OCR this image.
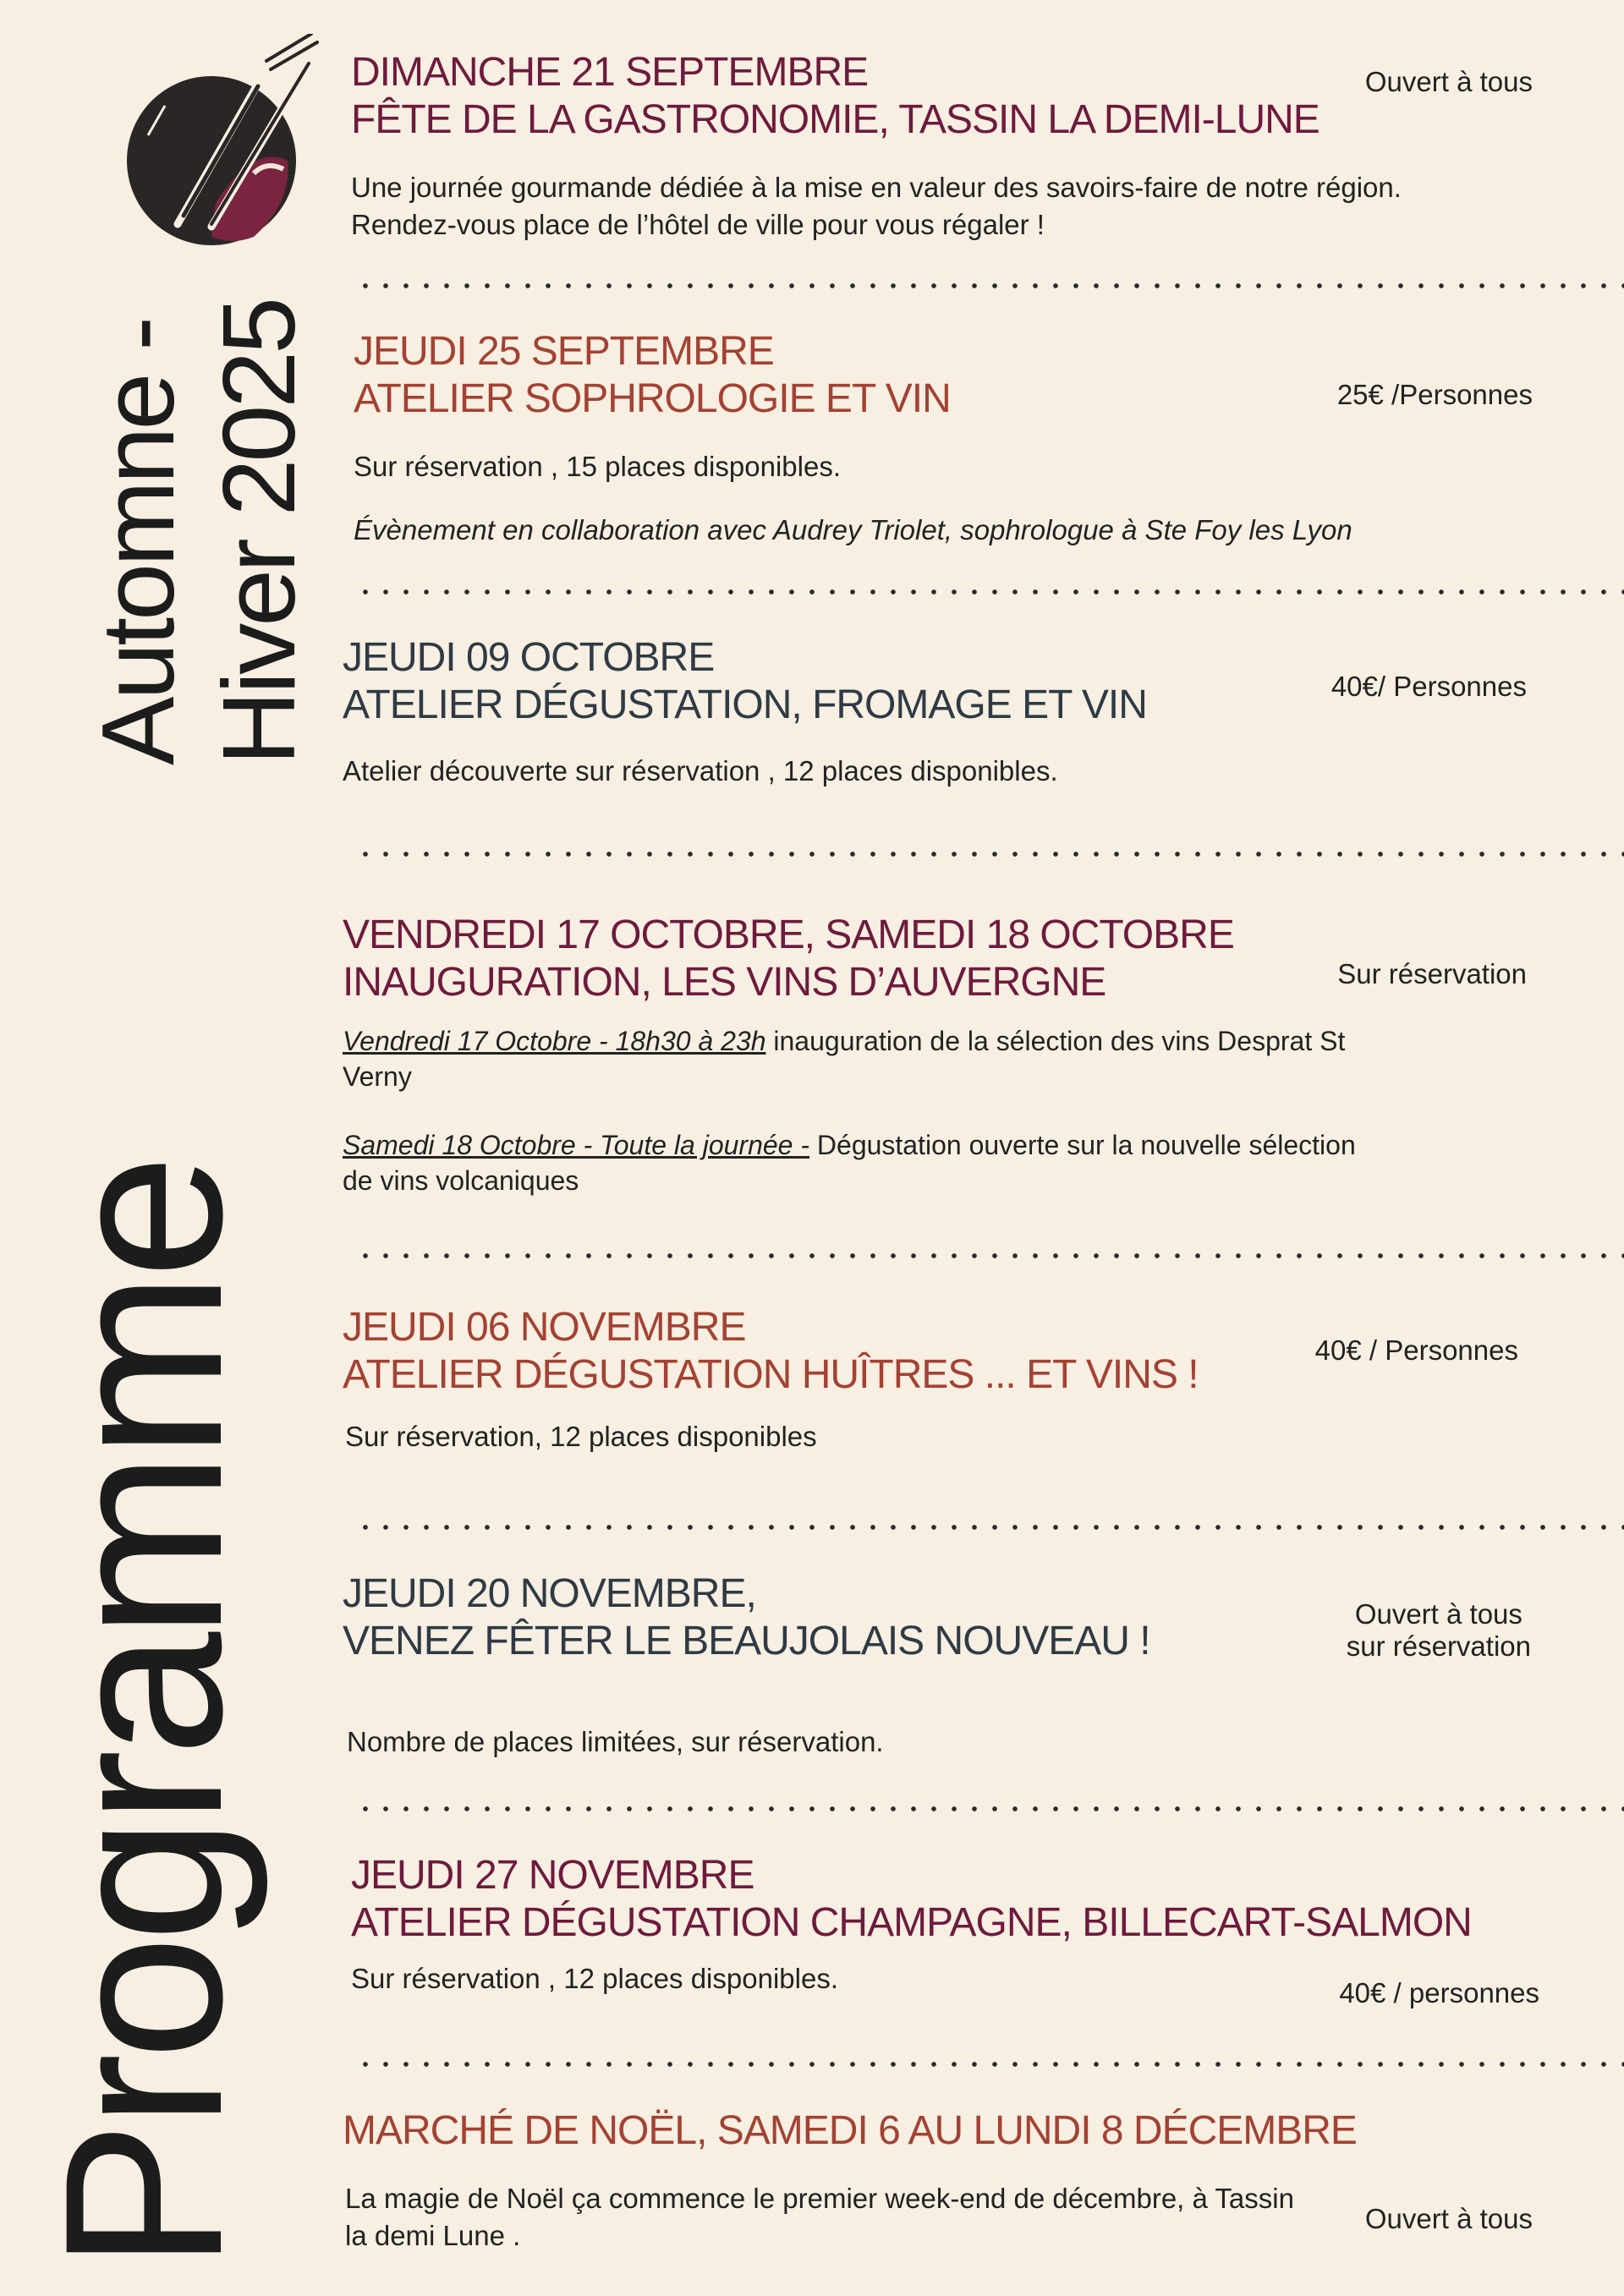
Programme
Automne - Hiver 2025
DIMANCHE 21 SEPTEMBRE
FÊTE DE LA GASTRONOMIE, TASSIN LA DEMI-LUNE
Ouvert à tous
Une journée gourmande dédiée à la mise en valeur des savoirs-faire de notre région. Rendez-vous place de l’hôtel de ville pour vous régaler !
JEUDI 25 SEPTEMBRE
ATELIER SOPHROLOGIE ET VIN	25€ /Personnes
Sur réservation , 15 places disponibles.
Évènement en collaboration avec Audrey Triolet, sophrologue à Ste Foy les Lyon
JEUDI 09 OCTOBRE
ATELIER DÉGUSTATION, FROMAGE ET VIN	40€/ Personnes
Atelier découverte sur réservation , 12 places disponibles.
VENDREDI 17 OCTOBRE, SAMEDI 18 OCTOBRE
INAUGURATION, LES VINS D’AUVERGNE	Sur réservation
Vendredi 17 Octobre - 18h30 à 23h inauguration de la sélection des vins Desprat St Verny
Samedi 18 Octobre - Toute la journée - Dégustation ouverte sur la nouvelle sélection de vins volcaniques
JEUDI 06 NOVEMBRE
ATELIER DÉGUSTATION HUÎTRES ... ET VINS !
40€ / Personnes
Sur réservation, 12 places disponibles
JEUDI 20 NOVEMBRE,
VENEZ FÊTER LE BEAUJOLAIS NOUVEAU !
Ouvert à tous
sur réservation
Nombre de places limitées, sur réservation.
JEUDI 27 NOVEMBRE
ATELIER DÉGUSTATION CHAMPAGNE, BILLECART-SALMON
40€ / personnes
Sur réservation , 12 places disponibles.
MARCHÉ DE NOËL, SAMEDI 6 AU LUNDI 8 DÉCEMBRE
Ouvert à tous
La magie de Noël ça commence le premier week-end de décembre, à Tassin la demi Lune .
